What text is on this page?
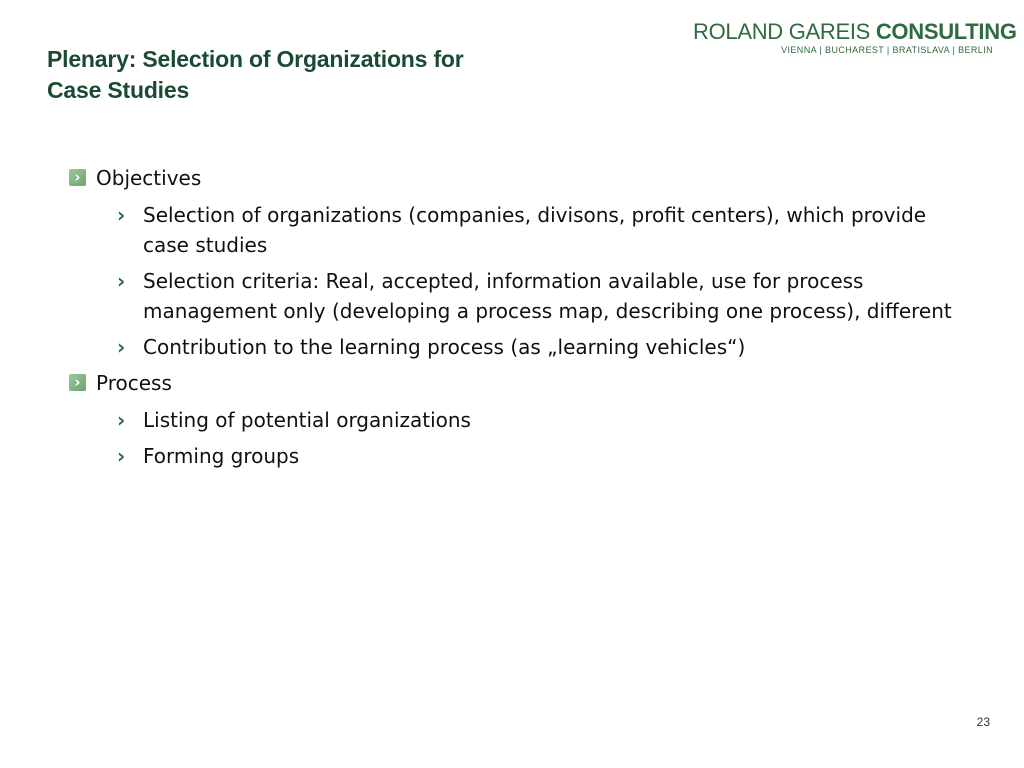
Plenary: Selection of Organizations for
Case Studies
ROLAND GAREIS CONSULTING
VIENNA | BUCHAREST | BRATISLAVA | BERLIN
› Objectives
› Selection of organizations (companies, divisons, profit centers), which provide case studies
› Selection criteria: Real, accepted, information available, use for process management only (developing a process map, describing one process), different
› Contribution to the learning process (as „learning vehicles“)
› Process
› Listing of potential organizations
› Forming groups
23
